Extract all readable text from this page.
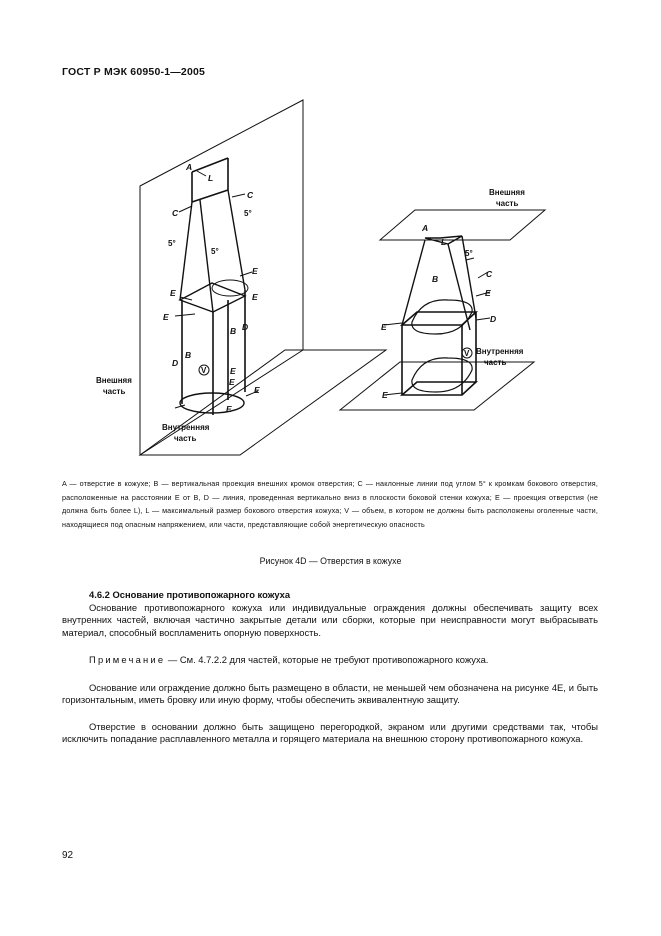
ГОСТ Р МЭК 60950-1—2005
A
L
C
C	5°
5°
5°
E
E	E
E
D
B
B
D
V	E
E
E
E
Внешняя часть
Внутренняя часть
Внешняя часть
A
L
5°
C
B
E
D
E
V Внутренняя часть
E
A — отверстие в кожухе; B — вертикальная проекция внешних кромок отверстия; C — наклонные линии под углом 5° к кромкам бокового отверстия, расположенные на расстоянии E от B, D — линия, проведенная вертикально вниз в плоскости боковой стенки кожуха; E — проекция отверстия (не должна быть более L), L — максимальный размер бокового отверстия кожуха; V — объем, в котором не должны быть расположены оголенные части, находящиеся под опасным напряжением, или части, представляющие собой энергетическую опасность
Рисунок 4D — Отверстия в кожухе
4.6.2 Основание противопожарного кожуха

Основание противопожарного кожуха или индивидуальные ограждения должны обеспечивать защиту всех внутренних частей, включая частично закрытые детали или сборки, которые при неисправности могут выбрасывать материал, способный воспламенить опорную поверхность.

Примечание — См. 4.7.2.2 для частей, которые не требуют противопожарного кожуха.

Основание или ограждение должно быть размещено в области, не меньшей чем обозначена на рисунке 4Е, и быть горизонтальным, иметь бровку или иную форму, чтобы обеспечить эквивалентную защиту.

Отверстие в основании должно быть защищено перегородкой, экраном или другими средствами так, чтобы исключить попадание расплавленного металла и горящего материала на внешнюю сторону противопожарного кожуха.

92
